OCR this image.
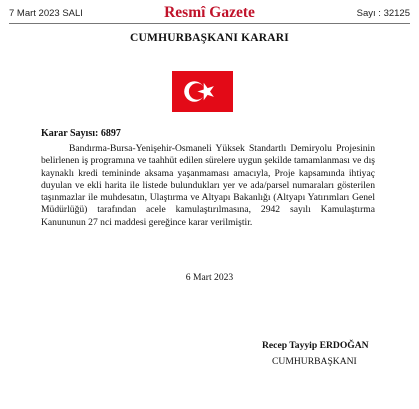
7 Mart 2023 SALI	Resmî Gazete	Sayı : 32125
CUMHURBAŞKANI KARARI
Karar Sayısı: 6897
Bandırma-Bursa-Yenişehir-Osmaneli Yüksek Standartlı Demiryolu Projesinin belirlenen iş programına ve taahhüt edilen sürelere uygun şekilde tamamlanması ve dış kaynaklı kredi temininde aksama yaşanmaması amacıyla, Proje kapsamında ihtiyaç duyulan ve ekli harita ile listede bulundukları yer ve ada/parsel numaraları gösterilen taşınmazlar ile muhdesatın, Ulaştırma ve Altyapı Bakanlığı (Altyapı Yatırımları Genel Müdürlüğü) tarafından acele kamulaştırılmasına, 2942 sayılı Kamulaştırma Kanununun 27 nci maddesi gereğince karar verilmiştir.
6 Mart 2023
Recep Tayyip ERDOĞAN
CUMHURBAŞKANI
